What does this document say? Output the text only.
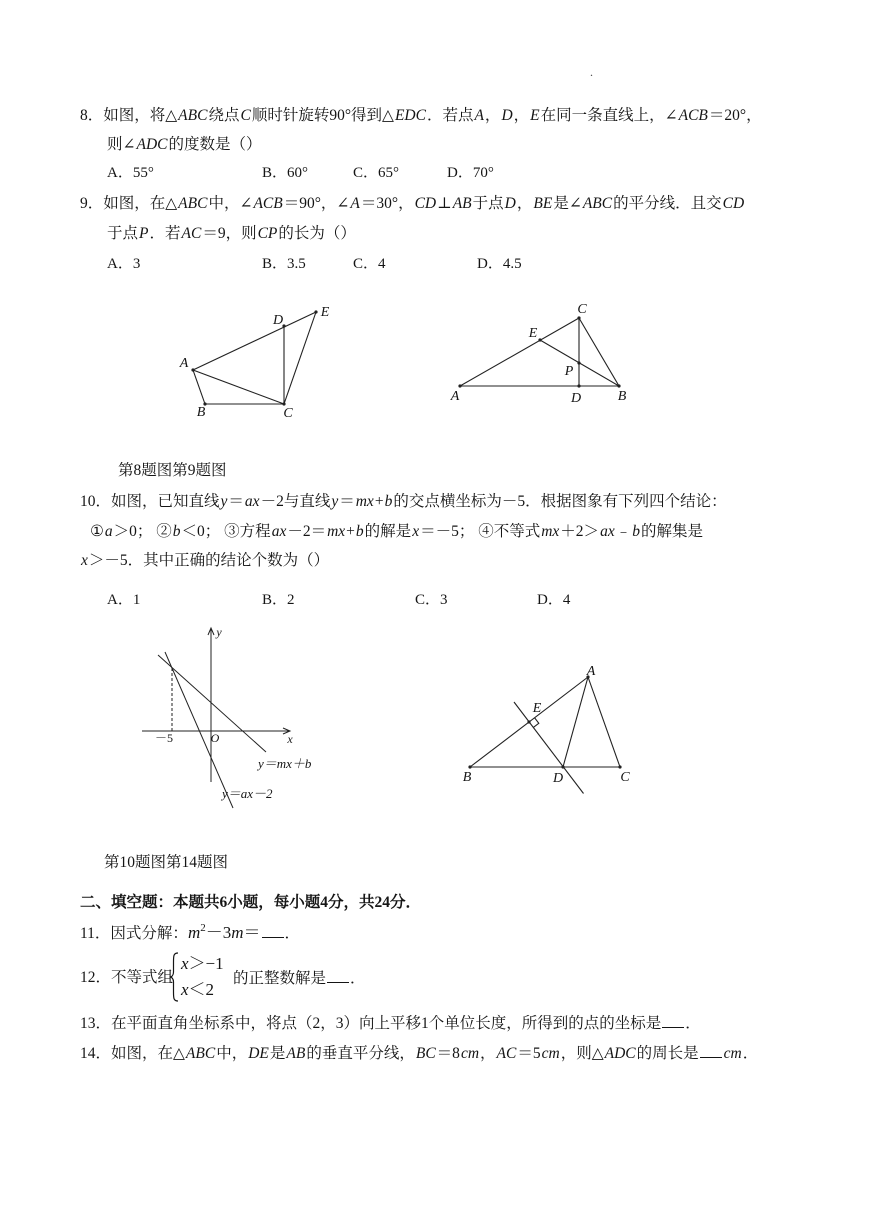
.
8．如图，将△ABC绕点C顺时针旋转90°得到△EDC．若点A，D，E在同一条直线上，∠ACB＝20°，
则∠ADC的度数是（）
A．55°	B．60°	C．65°	D．70°
9．如图，在△ABC中，∠ACB＝90°，∠A＝30°，CD⊥AB于点D，BE是∠ABC的平分线．且交CD
于点P．若AC＝9，则CP的长为（）
A．3	B．3.5	C．4	D．4.5
A
B	C
D
E
A	B
C
D
E
P
第8题图第9题图
10．如图，已知直线y＝ax－2与直线y＝mx+b的交点横坐标为－5．根据图象有下列四个结论：
①a＞0； ②b＜0； ③方程ax－2＝mx+b的解是x＝－5； ④不等式mx＋2＞ax﹣b的解集是
x＞－5．其中正确的结论个数为（）
A．1	B．2	C．3	D．4
y
x
O
－5
y＝mx＋b
y＝ax－2
A
B	C
D
E
第10题图第14题图
二、填空题：本题共6小题，每小题4分，共24分．
11．因式分解：$m^2-3m=$ ．
12．不等式组
x＞−1
x＜2
的正整数解是 ．
13．在平面直角坐标系中，将点（2，3）向上平移1个单位长度，所得到的点的坐标是 ．
14．如图，在△ABC中，DE是AB的垂直平分线，BC＝8cm，AC＝5cm，则△ADC的周长是 cm．
